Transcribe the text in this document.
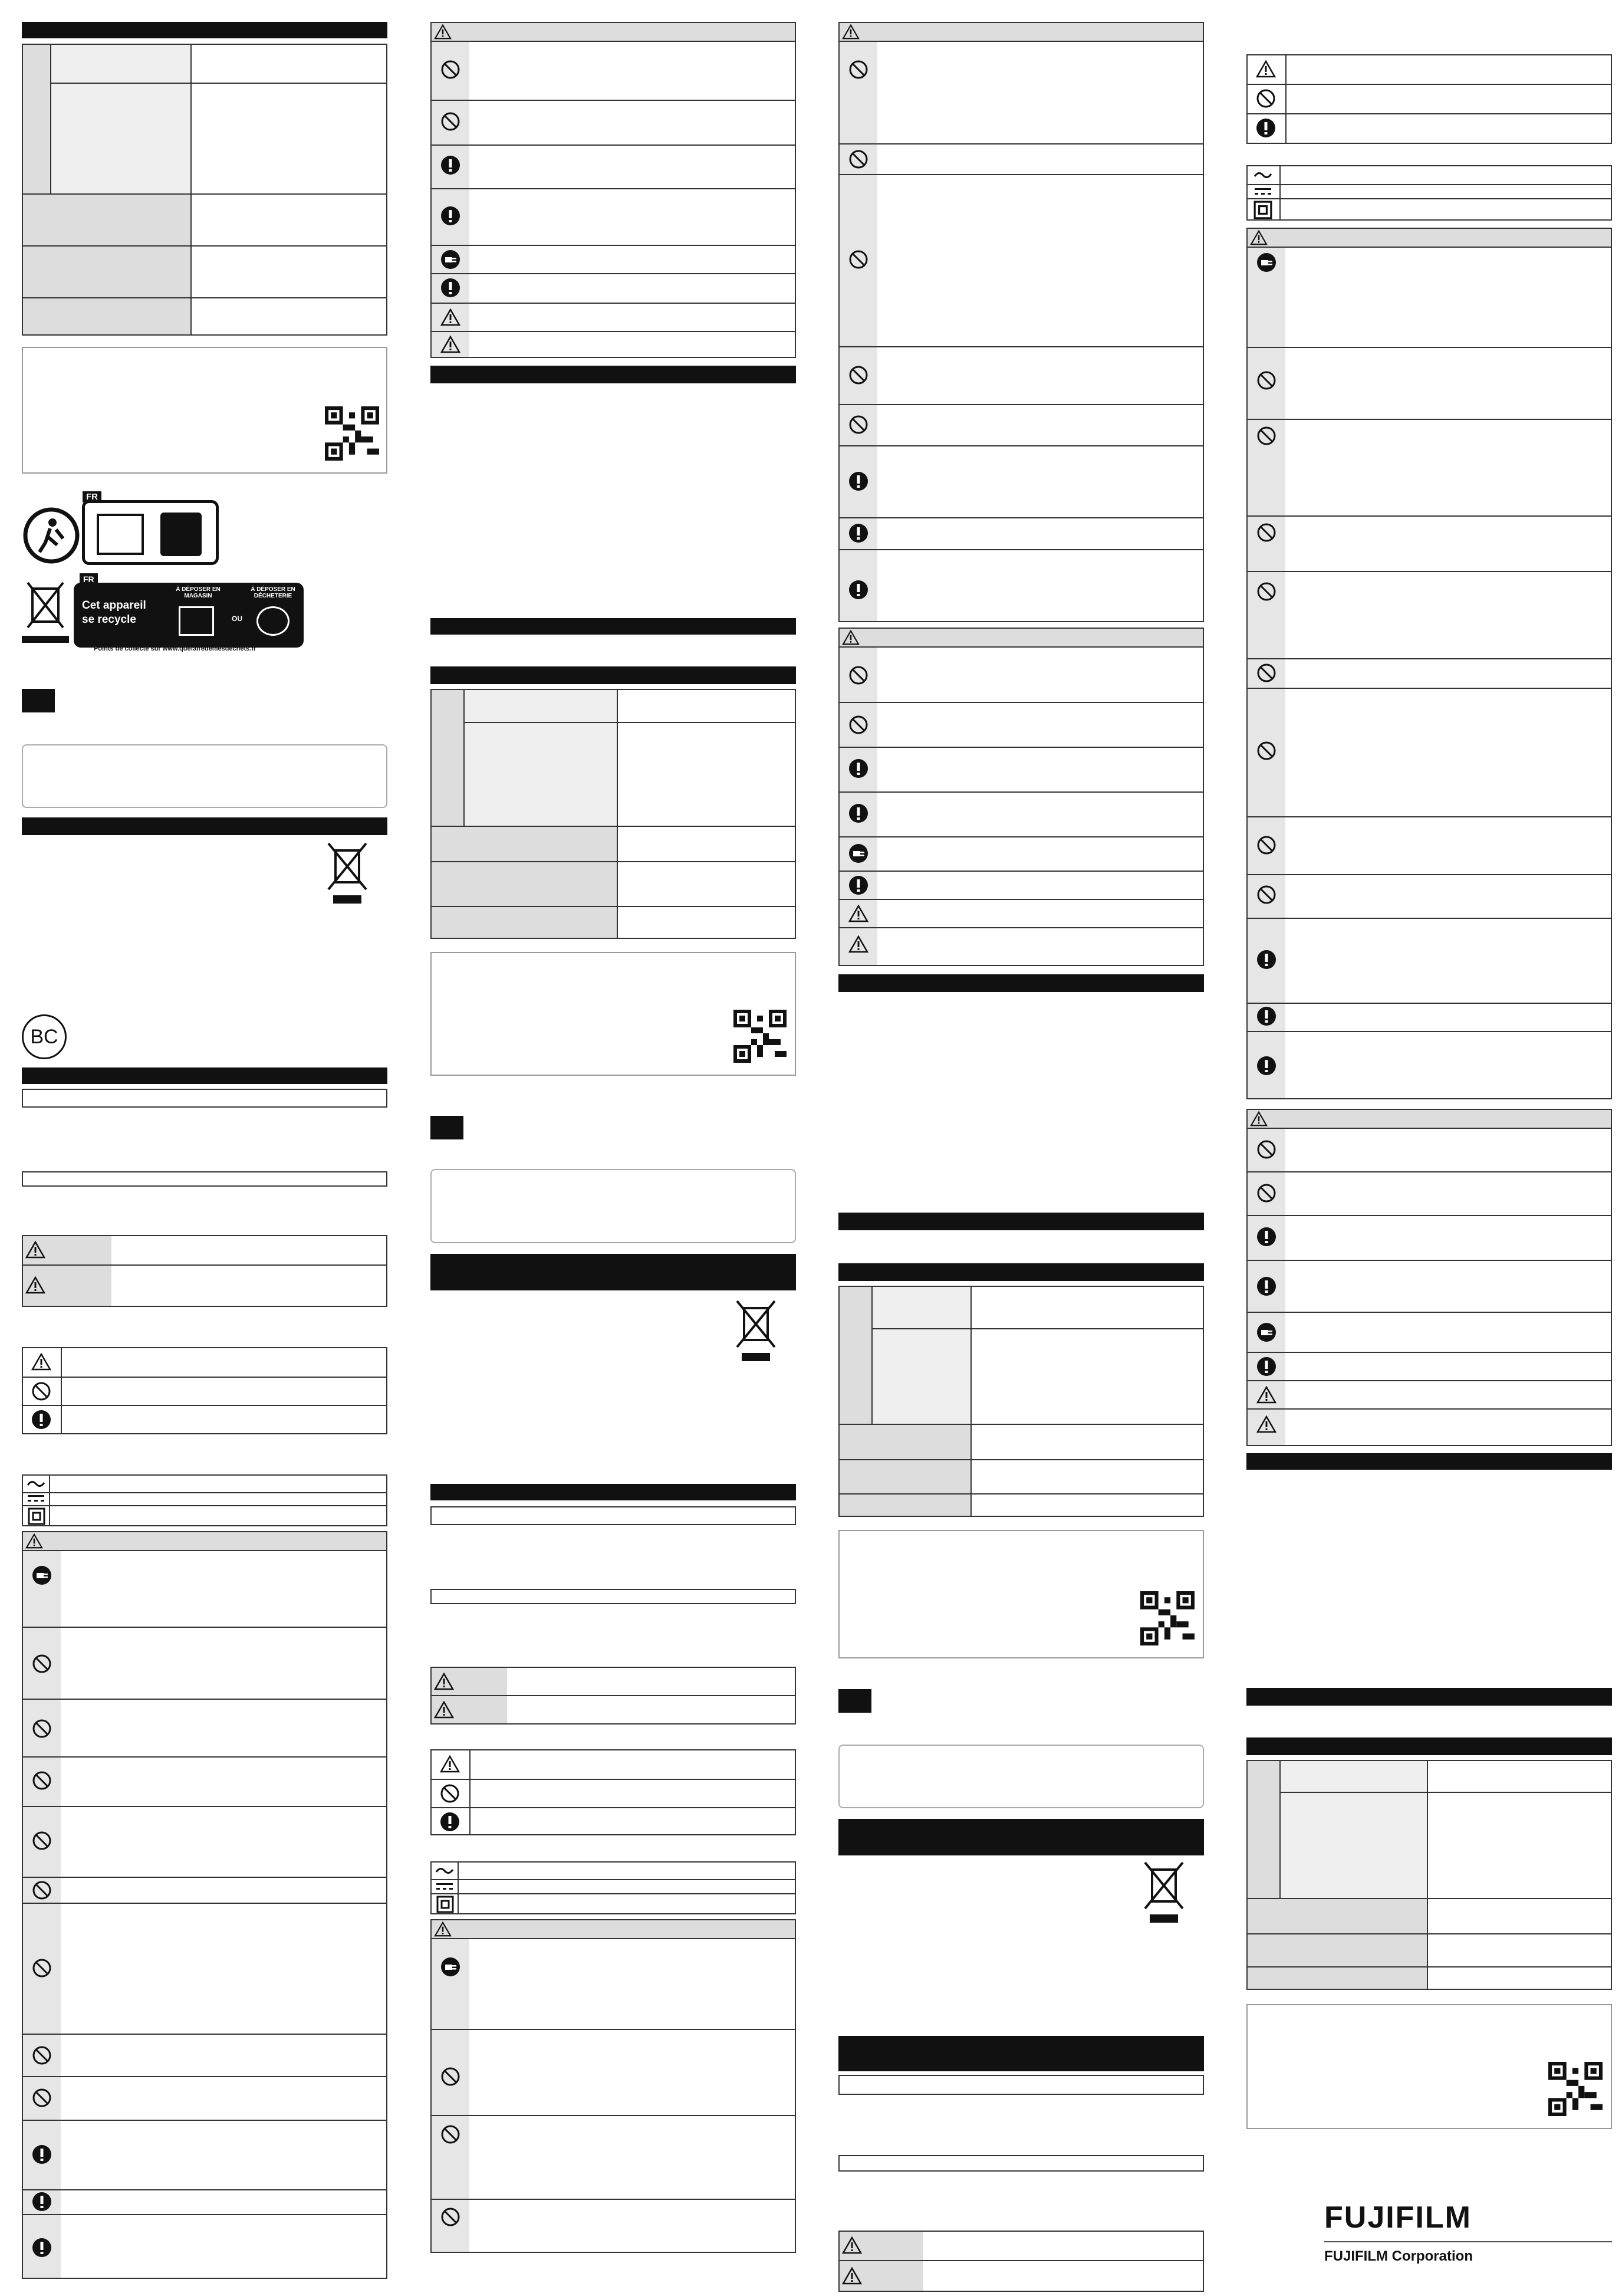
FR
FR
Cet appareil
se recycle
À DÉPOSER EN MAGASIN
OU
À DÉPOSER EN DÉCHETERIE
Points de collecte sur www.quefairedemesdechets.fr
BC
FUJIFILM
FUJIFILM Corporation
